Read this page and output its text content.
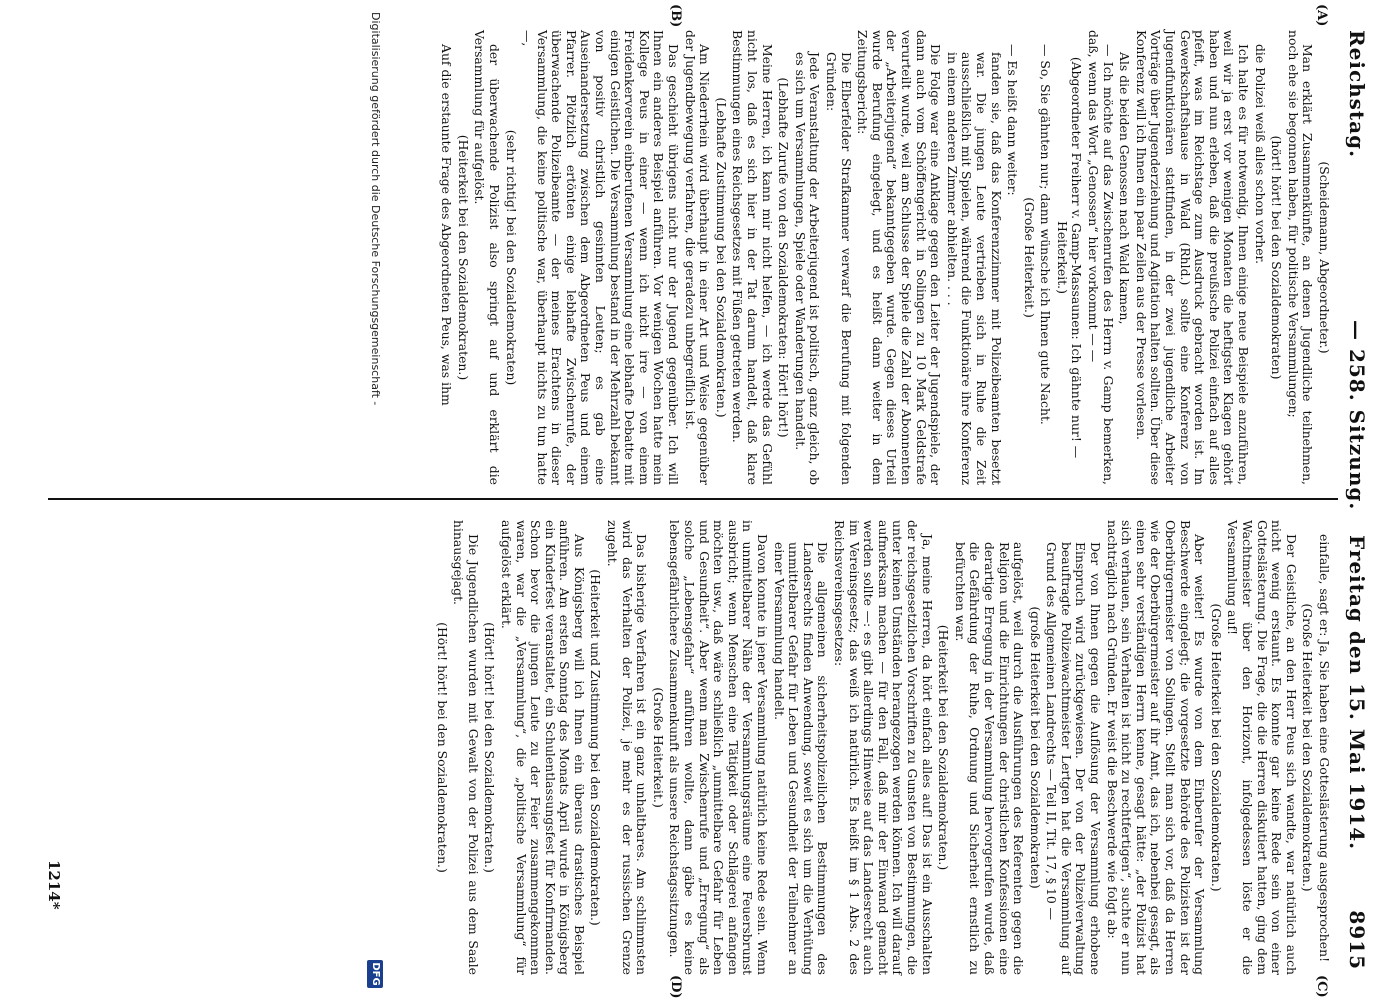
Reichstag.
— 258. Sitzung.
Freitag den 15. Mai 1914.
8915
(A)
(B)
(C)
(D)

(Scheidemann, Abgeordneter.)

Man erklärt Zusammenkünfte, an denen Jugendliche teilnehmen, noch ehe sie begonnen haben, für politische Versammlungen;

(hört! hört! bei den Sozialdemokraten)

die Polizei weiß alles schon vorher.

Ich halte es für notwendig, Ihnen einige neue Beispiele anzuführen, weil wir ja erst vor wenigen Monaten die heftigsten Klagen gehört haben und nun erleben, daß die preußische Polizei einfach auf alles pfeift, was im Reichstage zum Ausdruck gebracht worden ist. Im Gewerkschaftshause in Wald (Rhld.) sollte eine Konferenz von Jugendfunktionären stattfinden, in der zwei jugendliche Arbeiter Vorträge über Jugenderziehung und Agitation halten sollten. Über diese Konferenz will ich Ihnen ein paar Zeilen aus der Presse vorlesen.

Als die beiden Genossen nach Wald kamen,

— Ich möchte auf das Zwischenrufen des Herrn v. Gamp bemerken, daß, wenn das Wort „Genossen“ hier vorkommt — —

(Abgeordneter Freiherr v. Gamp-Massaunen: Ich gähnte nur! — Heiterkeit.)

— So, Sie gähnten nur; dann wünsche ich Ihnen gute Nacht.

(Große Heiterkeit.)

— Es heißt dann weiter:

fanden sie, daß das Konferenzzimmer mit Polizeibeamten besetzt war. Die jungen Leute vertrieben sich in Ruhe die Zeit ausschließlich mit Spielen, während die Funktionäre ihre Konferenz in einem anderen Zimmer abhielten. . . .

Die Folge war eine Anklage gegen den Leiter der Jugendspiele, der dann auch vom Schöffengericht in Solingen zu 10 Mark Geldstrafe verurteilt wurde, weil am Schlusse der Spiele die Zahl der Abonnenten der „Arbeiterjugend“ bekanntgegeben wurde. Gegen dieses Urteil wurde Berufung eingelegt, und es heißt dann weiter in dem Zeitungsbericht:

Die Elberfelder Strafkammer verwarf die Berufung mit folgenden Gründen:

Jede Veranstaltung der Arbeiterjugend ist politisch, ganz gleich, ob es sich um Versammlungen, Spiele oder Wanderungen handelt.

(Lebhafte Zurufe von den Sozialdemokraten: Hört! hört!)

Meine Herren, ich kann mir nicht helfen, — ich werde das Gefühl nicht los, daß es sich hier in der Tat darum handelt, daß klare Bestimmungen eines Reichsgesetzes mit Füßen getreten werden.

(Lebhafte Zustimmung bei den Sozialdemokraten.)

Am Niederrhein wird überhaupt in einer Art und Weise gegenüber der Jugendbewegung verfahren, die geradezu unbegreiflich ist.

Das geschieht übrigens nicht nur der Jugend gegenüber. Ich will Ihnen ein anderes Beispiel anführen. Vor wenigen Wochen hatte mein Kollege Peus in einer — wenn ich nicht irre — von einem Freidenkerverein einberufenen Versammlung eine lebhafte Debatte mit einigen Geistlichen. Die Versammlung bestand in der Mehrzahl bekannt von positiv christlich gesinnten Leuten; es gab eine Auseinandersetzung zwischen dem Abgeordneten Peus und einem Pfarrer. Plötzlich ertönten einige lebhafte Zwischenrufe, der überwachende Polizeibeamte — der meines Erachtens in dieser Versammlung, die keine politische war, überhaupt nichts zu tun hatte —,

(sehr richtig! bei den Sozialdemokraten)

der überwachende Polizist also springt auf und erklärt die Versammlung für aufgelöst.

(Heiterkeit bei den Sozialdemokraten.)

Auf die erstaunte Frage des Abgeordneten Peus, was ihm

einfalle, sagt er: Ja, Sie haben eine Gotteslästerung ausgesprochen!

(Große Heiterkeit bei den Sozialdemokraten.)

Der Geistliche, an den Herr Peus sich wandte, war natürlich auch nicht wenig erstaunt. Es konnte gar keine Rede sein von einer Gotteslästerung. Die Frage, die die Herren diskutiert hatten, ging dem Wachtmeister über den Horizont, infolgedessen löste er die Versammlung auf!

(Große Heiterkeit bei den Sozialdemokraten.)

Aber weiter! Es wurde von dem Einberufer der Versammlung Beschwerde eingelegt; die vorgesetzte Behörde des Polizisten ist der Oberbürgermeister von Solingen. Stellt man sich vor, daß da Herren wie der Oberbürgermeister auf ihr Amt, das ich, nebenbei gesagt, als einen sehr verständigen Herrn kenne, gesagt hätte: „der Polizist hat sich verhauen, sein Verhalten ist nicht zu rechtfertigen“, suchte er nun nachträglich nach Gründen. Er weist die Beschwerde wie folgt ab:

Der von Ihnen gegen die Auflösung der Versammlung erhobene Einspruch wird zurückgewiesen. Der von der Polizeiverwaltung beauftragte Polizeiwachtmeister Lertgen hat die Versammlung auf Grund des Allgemeinen Landrechts — Teil II, Tit. 17, § 10 —

(große Heiterkeit bei den Sozialdemokraten)

aufgelöst, weil durch die Ausführungen des Referenten gegen die Religion und die Einrichtungen der christlichen Konfessionen eine derartige Erregung in der Versammlung hervorgerufen wurde, daß die Gefährdung der Ruhe, Ordnung und Sicherheit ernstlich zu befürchten war.

(Heiterkeit bei den Sozialdemokraten.)

Ja, meine Herren, da hört einfach alles auf! Das ist ein Ausschalten der reichsgesetzlichen Vorschriften zu Gunsten von Bestimmungen, die unter keinen Umständen herangezogen werden können. Ich will darauf aufmerksam machen — für den Fall, daß mir der Einwand gemacht werden sollte —: es gibt allerdings Hinweise auf das Landesrecht auch im Vereinsgesetz; das weiß ich natürlich. Es heißt im § 1 Abs. 2 des Reichsvereinsgesetzes:

Die allgemeinen sicherheitspolizeilichen Bestimmungen des Landesrechts finden Anwendung, soweit es sich um die Verhütung unmittelbarer Gefahr für Leben und Gesundheit der Teilnehmer an einer Versammlung handelt.

Davon konnte in jener Versammlung natürlich keine Rede sein. Wenn in unmittelbarer Nähe der Versammlungsräume eine Feuersbrunst ausbricht; wenn Menschen eine Tätigkeit oder Schlägerei anfangen möchten usw., daß wäre schließlich „unmittelbare Gefahr für Leben und Gesundheit“. Aber wenn man Zwischenrufe und „Erregung“ als solche „Lebensgefahr“ anführen wollte, dann gäbe es keine lebensgefährlichere Zusammenkunft als unsere Reichstagssitzungen.

(Große Heiterkeit.)

Das bisherige Verfahren ist ein ganz unhaltbares. Am schlimmsten wird das Verhalten der Polizei, je mehr es der russischen Grenze zugeht.

(Heiterkeit und Zustimmung bei den Sozialdemokraten.)

Aus Königsberg will ich Ihnen ein überaus drastisches Beispiel anführen. Am ersten Sonntag des Monats April wurde in Königsberg ein Kinderfest veranstaltet, ein Schulentlassungsfest für Konfirmanden. Schon bevor die jungen Leute zu der Feier zusammengekommen waren, war die „Versammlung“, die „politische Versammlung“ für aufgelöst erklärt.

(Hört! hört! bei den Sozialdemokraten.)

Die Jugendlichen wurden mit Gewalt von der Polizei aus dem Saale hinausgejagt.

(Hört! hört! bei den Sozialdemokraten.)

1214*
Digitalisierung gefördert durch die Deutsche Forschungsgemeinschaft -
DFG
